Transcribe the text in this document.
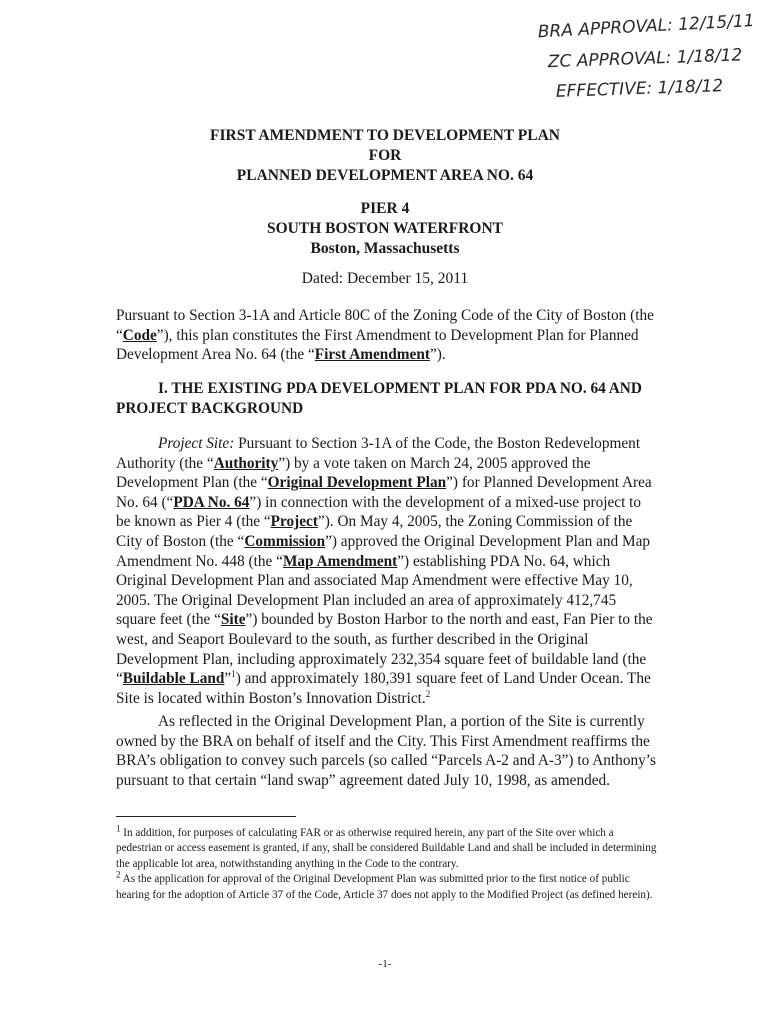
BRA APPROVAL: 12/15/11
ZC APPROVAL: 1/18/12
EFFECTIVE: 1/18/12
FIRST AMENDMENT TO DEVELOPMENT PLAN
FOR
PLANNED DEVELOPMENT AREA NO. 64
PIER 4
SOUTH BOSTON WATERFRONT
Boston, Massachusetts
Dated: December 15, 2011

Pursuant to Section 3-1A and Article 80C of the Zoning Code of the City of Boston (the “Code”), this plan constitutes the First Amendment to Development Plan for Planned Development Area No. 64 (the “First Amendment”).

I. THE EXISTING PDA DEVELOPMENT PLAN FOR PDA NO. 64 AND PROJECT BACKGROUND

Project Site: Pursuant to Section 3-1A of the Code, the Boston Redevelopment Authority (the “Authority”) by a vote taken on March 24, 2005 approved the Development Plan (the “Original Development Plan”) for Planned Development Area No. 64 (“PDA No. 64”) in connection with the development of a mixed-use project to be known as Pier 4 (the “Project”). On May 4, 2005, the Zoning Commission of the City of Boston (the “Commission”) approved the Original Development Plan and Map Amendment No. 448 (the “Map Amendment”) establishing PDA No. 64, which Original Development Plan and associated Map Amendment were effective May 10, 2005. The Original Development Plan included an area of approximately 412,745 square feet (the “Site”) bounded by Boston Harbor to the north and east, Fan Pier to the west, and Seaport Boulevard to the south, as further described in the Original Development Plan, including approximately 232,354 square feet of buildable land (the “Buildable Land”$^1$) and approximately 180,391 square feet of Land Under Ocean. The Site is located within Boston’s Innovation District.$^2$

As reflected in the Original Development Plan, a portion of the Site is currently owned by the BRA on behalf of itself and the City. This First Amendment reaffirms the BRA’s obligation to convey such parcels (so called “Parcels A-2 and A-3”) to Anthony’s pursuant to that certain “land swap” agreement dated July 10, 1998, as amended.

$^1$ In addition, for purposes of calculating FAR or as otherwise required herein, any part of the Site over which a pedestrian or access easement is granted, if any, shall be considered Buildable Land and shall be included in determining the applicable lot area, notwithstanding anything in the Code to the contrary.
$^2$ As the application for approval of the Original Development Plan was submitted prior to the first notice of public hearing for the adoption of Article 37 of the Code, Article 37 does not apply to the Modified Project (as defined herein).
-1-
